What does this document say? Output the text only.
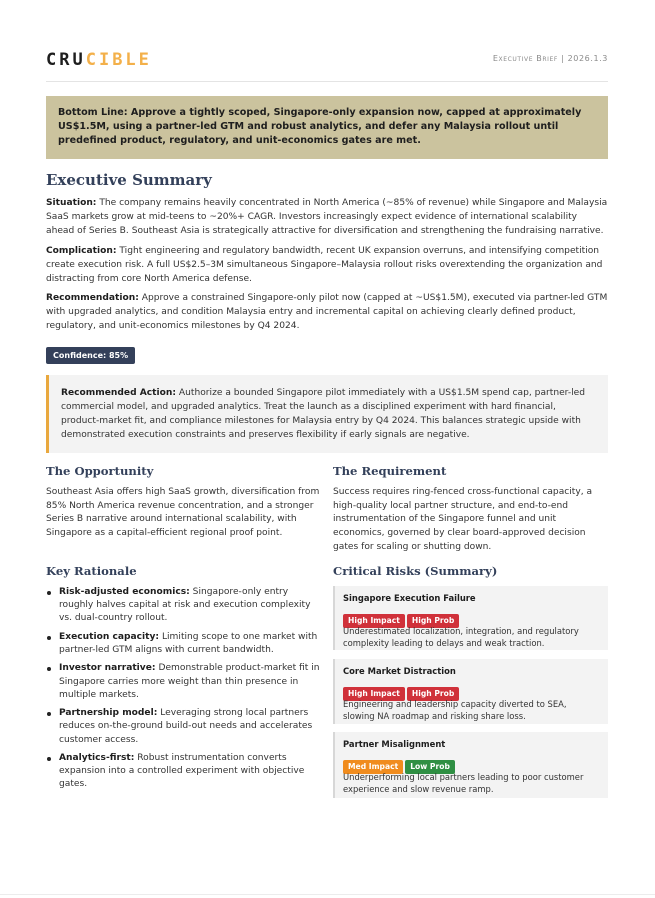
CRUCIBLE	Executive Brief | 2026.1.3
Bottom Line: Approve a tightly scoped, Singapore-only expansion now, capped at approximately US$1.5M, using a partner-led GTM and robust analytics, and defer any Malaysia rollout until predefined product, regulatory, and unit-economics gates are met.
Executive Summary

Situation: The company remains heavily concentrated in North America (~85% of revenue) while Singapore and Malaysia SaaS markets grow at mid-teens to ~20%+ CAGR. Investors increasingly expect evidence of international scalability ahead of Series B. Southeast Asia is strategically attractive for diversification and strengthening the fundraising narrative.

Complication: Tight engineering and regulatory bandwidth, recent UK expansion overruns, and intensifying competition create execution risk. A full US$2.5–3M simultaneous Singapore–Malaysia rollout risks overextending the organization and distracting from core North America defense.

Recommendation: Approve a constrained Singapore-only pilot now (capped at ~US$1.5M), executed via partner-led GTM with upgraded analytics, and condition Malaysia entry and incremental capital on achieving clearly defined product, regulatory, and unit-economics milestones by Q4 2024.

Confidence: 85%
Recommended Action: Authorize a bounded Singapore pilot immediately with a US$1.5M spend cap, partner-led commercial model, and upgraded analytics. Treat the launch as a disciplined experiment with hard financial, product-market fit, and compliance milestones for Malaysia entry by Q4 2024. This balances strategic upside with demonstrated execution constraints and preserves flexibility if early signals are negative.
The Opportunity
Southeast Asia offers high SaaS growth, diversification from 85% North America revenue concentration, and a stronger Series B narrative around international scalability, with Singapore as a capital-efficient regional proof point.
The Requirement
Success requires ring-fenced cross-functional capacity, a high-quality local partner structure, and end-to-end instrumentation of the Singapore funnel and unit economics, governed by clear board-approved decision gates for scaling or shutting down.
Key Rationale
Risk-adjusted economics: Singapore-only entry roughly halves capital at risk and execution complexity vs. dual-country rollout.
Execution capacity: Limiting scope to one market with partner-led GTM aligns with current bandwidth.
Investor narrative: Demonstrable product-market fit in Singapore carries more weight than thin presence in multiple markets.
Partnership model: Leveraging strong local partners reduces on-the-ground build-out needs and accelerates customer access.
Analytics-first: Robust instrumentation converts expansion into a controlled experiment with objective gates.
Critical Risks (Summary)
Singapore Execution Failure
High Impact High Prob
Underestimated localization, integration, and regulatory complexity leading to delays and weak traction.
Core Market Distraction
High Impact High Prob
Engineering and leadership capacity diverted to SEA, slowing NA roadmap and risking share loss.
Partner Misalignment
Med Impact Low Prob
Underperforming local partners leading to poor customer experience and slow revenue ramp.
